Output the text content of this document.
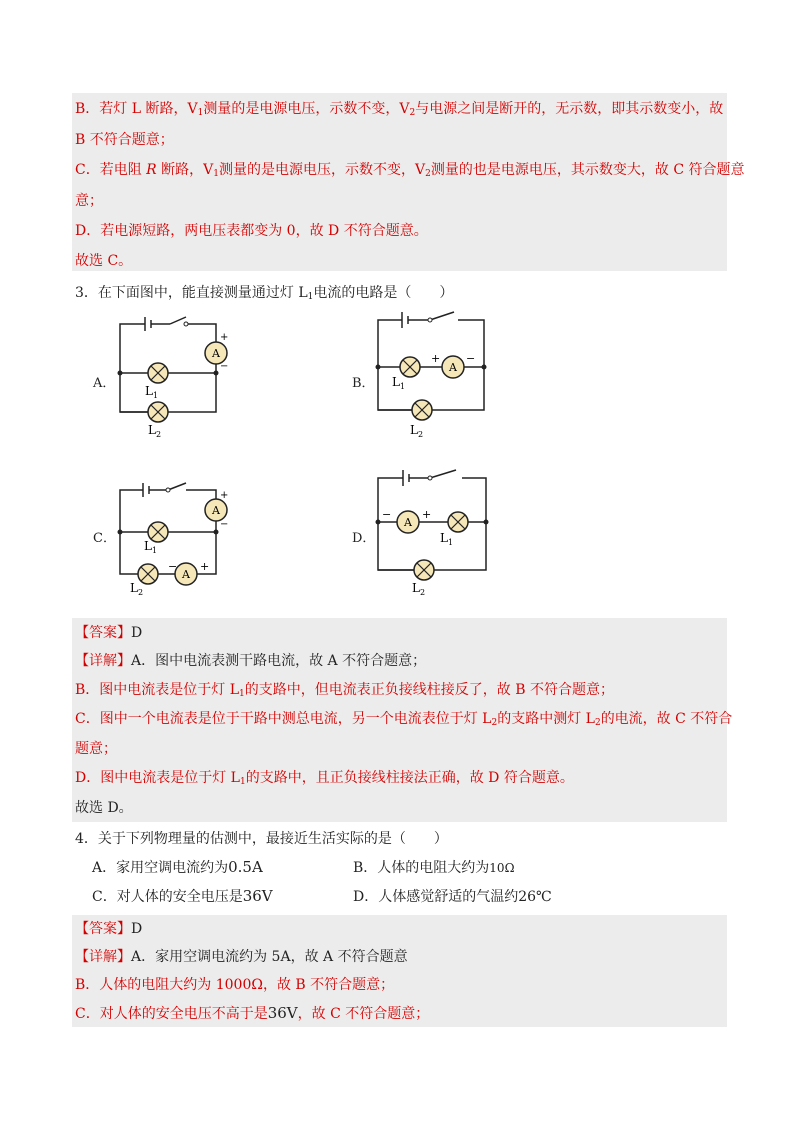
B．若灯 L 断路，$V_1$测量的是电源电压，示数不变，$V_2$与电源之间是断开的，无示数，即其示数变小，故
B 不符合题意；
C．若电阻 R 断路，$V_1$测量的是电源电压，示数不变，$V_2$测量的也是电源电压，其示数变大，故 C 符合题意
意；
D．若电源短路，两电压表都变为 0，故 D 不符合题意。
故选 C。
3．在下面图中，能直接测量通过灯 $L_1$电流的电路是（　　）
A．	B．
C．	D．
A
+
−
$L_1$
$L_2$
$L_1$
A
+ −
$L_2$
A
+
−
$L_1$
$L_2$
A
− +
A
−	+
$L_1$
$L_2$
【答案】D
【详解】A．图中电流表测干路电流，故 A 不符合题意；
B．图中电流表是位于灯 $L_1$的支路中，但电流表正负接线柱接反了，故 B 不符合题意；
C．图中一个电流表是位于干路中测总电流，另一个电流表位于灯 $L_2$的支路中测灯 $L_2$的电流，故 C 不符合
题意；
D．图中电流表是位于灯 $L_1$的支路中，且正负接线柱接法正确，故 D 符合题意。
故选 D。
4．关于下列物理量的估测中，最接近生活实际的是（　　）
A．家用空调电流约为0.5A	B．人体的电阻大约为10Ω
C．对人体的安全电压是36V	D．人体感觉舒适的气温约26℃
【答案】D
【详解】A．家用空调电流约为 5A，故 A 不符合题意
B．人体的电阻大约为 1000Ω，故 B 不符合题意；
C．对人体的安全电压不高于是36V，故 C 不符合题意；
